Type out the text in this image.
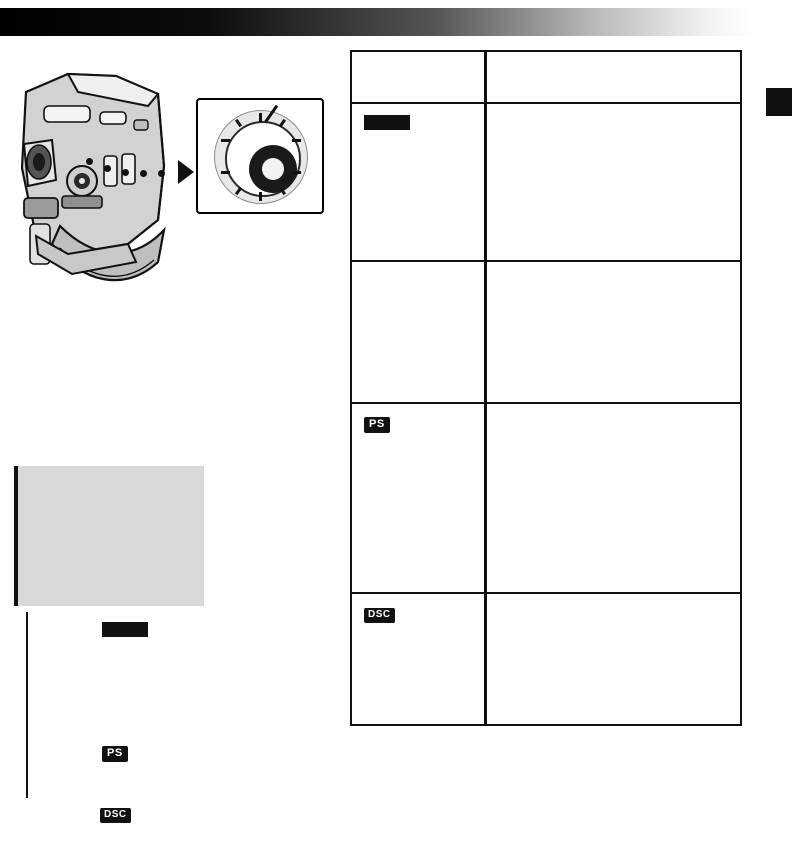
PS
DSC
PS
DSC
